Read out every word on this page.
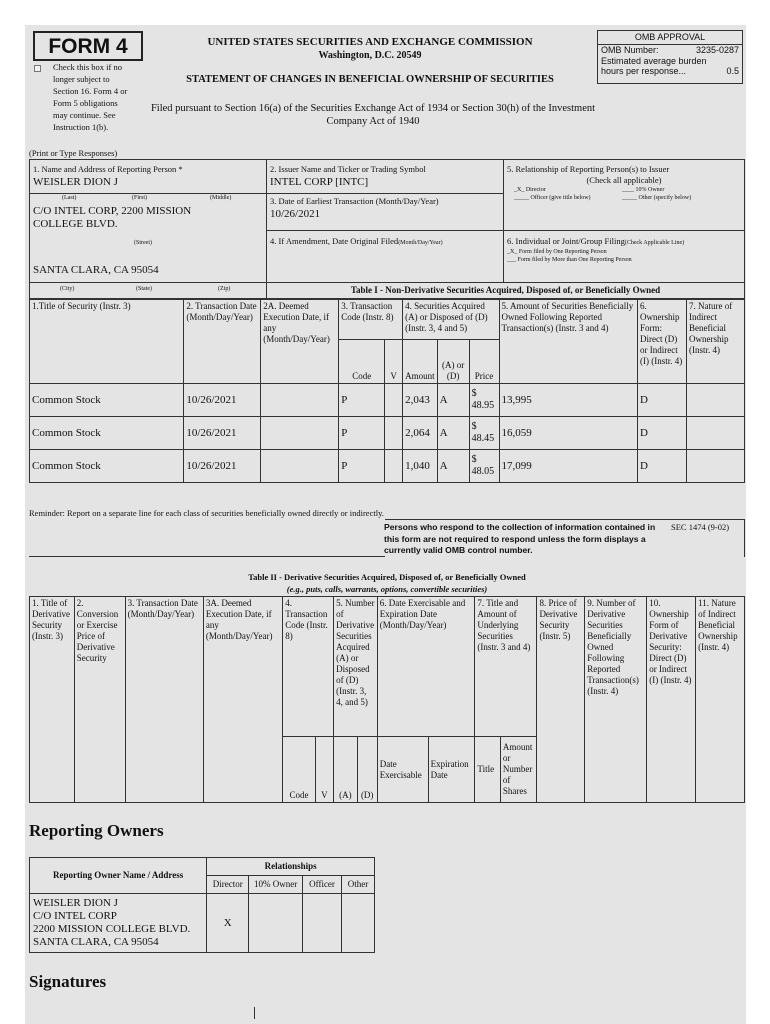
FORM 4
Check this box if no longer subject to Section 16. Form 4 or Form 5 obligations may continue. See Instruction 1(b).
UNITED STATES SECURITIES AND EXCHANGE COMMISSION
Washington, D.C. 20549
STATEMENT OF CHANGES IN BENEFICIAL OWNERSHIP OF SECURITIES
Filed pursuant to Section 16(a) of the Securities Exchange Act of 1934 or Section 30(h) of the Investment Company Act of 1940
OMB APPROVAL
OMB Number:	3235-0287
Estimated average burden
hours per response...	0.5
(Print or Type Responses)
1. Name and Address of Reporting Person *
WEISLER DION J
(Last)	(First)	(Middle)
C/O INTEL CORP, 2200 MISSION COLLEGE BLVD.
(Street)
SANTA CLARA, CA 95054
2. Issuer Name and Ticker or Trading Symbol
INTEL CORP [INTC]
3. Date of Earliest Transaction (Month/Day/Year)
10/26/2021
4. If Amendment, Date Original Filed(Month/Day/Year)
5. Relationship of Reporting Person(s) to Issuer
(Check all applicable)
_X_ Director	____ 10% Owner
_____ Officer (give title below)	_____ Other (specify below)
6. Individual or Joint/Group Filing(Check Applicable Line)
_X_ Form filed by One Reporting Person
___ Form filed by More than One Reporting Person
(City)	(State)	(Zip)	Table I - Non-Derivative Securities Acquired, Disposed of, or Beneficially Owned
1.Title of Security (Instr. 3)	2. Transaction Date (Month/Day/Year)	2A. Deemed Execution Date, if any (Month/Day/Year)	3. Transaction Code (Instr. 8)		4. Securities Acquired (A) or Disposed of (D) (Instr. 3, 4 and 5)			5. Amount of Securities Beneficially Owned Following Reported Transaction(s) (Instr. 3 and 4)	6. Ownership Form: Direct (D) or Indirect (I) (Instr. 4)	7. Nature of Indirect Beneficial Ownership (Instr. 4)
			Code	V	Amount	(A) or (D)	Price			
Common Stock	10/26/2021		P		2,043	A	$ 48.95	13,995	D	
Common Stock	10/26/2021		P		2,064	A	$ 48.45	16,059	D	
Common Stock	10/26/2021		P		1,040	A	$ 48.05	17,099	D	
Reminder: Report on a separate line for each class of securities beneficially owned directly or indirectly.
Persons who respond to the collection of information contained in this form are not required to respond unless the form displays a currently valid OMB control number.
SEC 1474 (9-02)
Table II - Derivative Securities Acquired, Disposed of, or Beneficially Owned
(e.g., puts, calls, warrants, options, convertible securities)
1. Title of Derivative Security (Instr. 3)	2. Conversion or Exercise Price of Derivative Security	3. Transaction Date (Month/Day/Year)	3A. Deemed Execution Date, if any (Month/Day/Year)	4. Transaction Code (Instr. 8)		5. Number of Derivative Securities Acquired (A) or Disposed of (D) (Instr. 3, 4, and 5)		6. Date Exercisable and Expiration Date (Month/Day/Year)		7. Title and Amount of Underlying Securities (Instr. 3 and 4)		8. Price of Derivative Security (Instr. 5)	9. Number of Derivative Securities Beneficially Owned Following Reported Transaction(s) (Instr. 4)	10. Ownership Form of Derivative Security: Direct (D) or Indirect (I) (Instr. 4)	11. Nature of Indirect Beneficial Ownership (Instr. 4)
				Code	V	(A)	(D)	Date Exercisable	Expiration Date	Title	Amount or Number of Shares				
Reporting Owners
Reporting Owner Name / Address	Relationships			
	Director	10% Owner	Officer	Other

WEISLER DION J
C/O INTEL CORP
2200 MISSION COLLEGE BLVD.
SANTA CLARA, CA 95054	X			
Signatures
